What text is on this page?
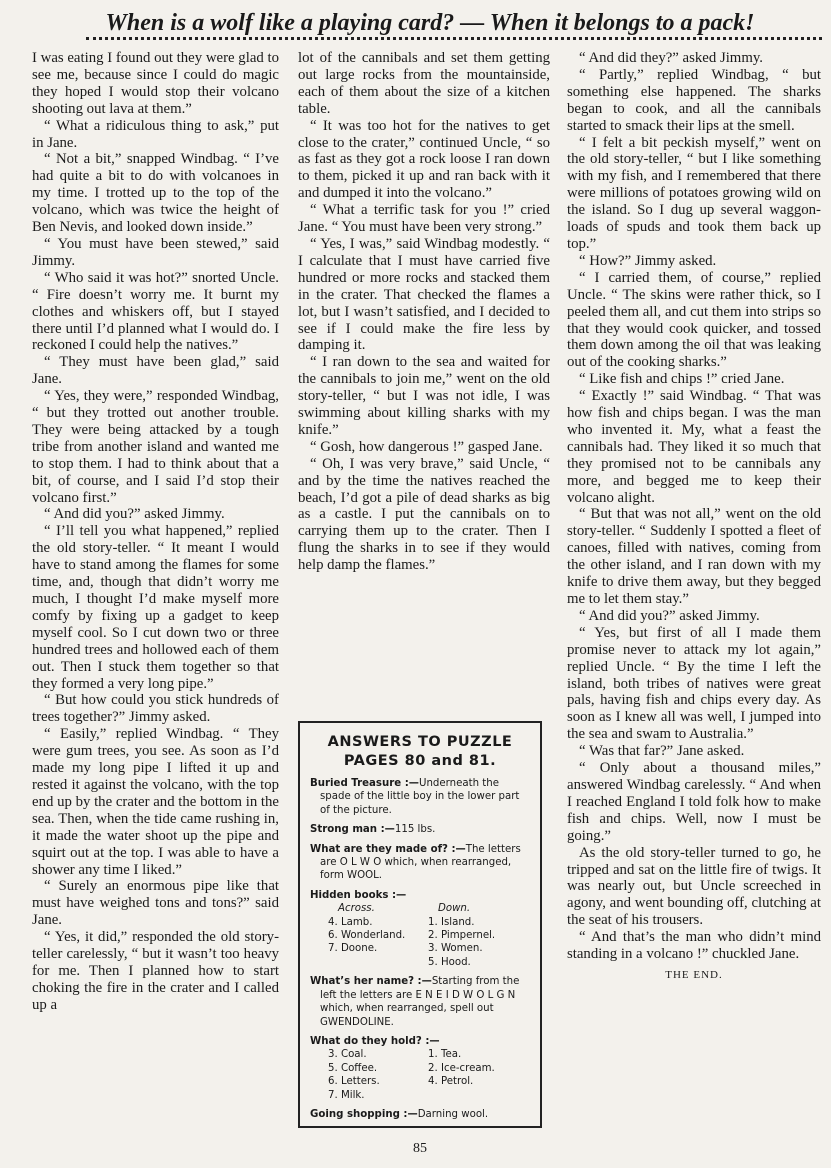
When is a wolf like a playing card? — When it belongs to a pack!

I was eating I found out they were glad to see me, because since I could do magic they hoped I would stop their volcano shooting out lava at them.”

“ What a ridiculous thing to ask,” put in Jane.

“ Not a bit,” snapped Windbag. “ I’ve had quite a bit to do with volcanoes in my time. I trotted up to the top of the volcano, which was twice the height of Ben Nevis, and looked down inside.”

“ You must have been stewed,” said Jimmy.

“ Who said it was hot?” snorted Uncle. “ Fire doesn’t worry me. It burnt my clothes and whiskers off, but I stayed there until I’d planned what I would do. I reckoned I could help the natives.”

“ They must have been glad,” said Jane.

“ Yes, they were,” responded Windbag, “ but they trotted out another trouble. They were being attacked by a tough tribe from another island and wanted me to stop them. I had to think about that a bit, of course, and I said I’d stop their volcano first.”

“ And did you?” asked Jimmy.

“ I’ll tell you what happened,” replied the old story-teller. “ It meant I would have to stand among the flames for some time, and, though that didn’t worry me much, I thought I’d make myself more comfy by fixing up a gadget to keep myself cool. So I cut down two or three hundred trees and hollowed each of them out. Then I stuck them together so that they formed a very long pipe.”

“ But how could you stick hundreds of trees together?” Jimmy asked.

“ Easily,” replied Windbag. “ They were gum trees, you see. As soon as I’d made my long pipe I lifted it up and rested it against the volcano, with the top end up by the crater and the bottom in the sea. Then, when the tide came rushing in, it made the water shoot up the pipe and squirt out at the top. I was able to have a shower any time I liked.”

“ Surely an enormous pipe like that must have weighed tons and tons?” said Jane.

“ Yes, it did,” responded the old story-teller carelessly, “ but it wasn’t too heavy for me. Then I planned how to start choking the fire in the crater and I called up a

lot of the cannibals and set them getting out large rocks from the mountainside, each of them about the size of a kitchen table.

“ It was too hot for the natives to get close to the crater,” continued Uncle, “ so as fast as they got a rock loose I ran down to them, picked it up and ran back with it and dumped it into the volcano.”

“ What a terrific task for you !” cried Jane. “ You must have been very strong.”

“ Yes, I was,” said Windbag modestly. “ I calculate that I must have carried five hundred or more rocks and stacked them in the crater. That checked the flames a lot, but I wasn’t satisfied, and I decided to see if I could make the fire less by damping it.

“ I ran down to the sea and waited for the cannibals to join me,” went on the old story-teller, “ but I was not idle, I was swimming about killing sharks with my knife.”

“ Gosh, how dangerous !” gasped Jane.

“ Oh, I was very brave,” said Uncle, “ and by the time the natives reached the beach, I’d got a pile of dead sharks as big as a castle. I put the cannibals on to carrying them up to the crater. Then I flung the sharks in to see if they would help damp the flames.”

“ And did they?” asked Jimmy.

“ Partly,” replied Windbag, “ but something else happened. The sharks began to cook, and all the cannibals started to smack their lips at the smell.

“ I felt a bit peckish myself,” went on the old story-teller, “ but I like something with my fish, and I remembered that there were millions of potatoes growing wild on the island. So I dug up several waggon-loads of spuds and took them back up top.”

“ How?” Jimmy asked.

“ I carried them, of course,” replied Uncle. “ The skins were rather thick, so I peeled them all, and cut them into strips so that they would cook quicker, and tossed them down among the oil that was leaking out of the cooking sharks.”

“ Like fish and chips !” cried Jane.

“ Exactly !” said Windbag. “ That was how fish and chips began. I was the man who invented it. My, what a feast the cannibals had. They liked it so much that they promised not to be cannibals any more, and begged me to keep their volcano alight.

“ But that was not all,” went on the old story-teller. “ Suddenly I spotted a fleet of canoes, filled with natives, coming from the other island, and I ran down with my knife to drive them away, but they begged me to let them stay.”

“ And did you?” asked Jimmy.

“ Yes, but first of all I made them promise never to attack my lot again,” replied Uncle. “ By the time I left the island, both tribes of natives were great pals, having fish and chips every day. As soon as I knew all was well, I jumped into the sea and swam to Australia.”

“ Was that far?” Jane asked.

“ Only about a thousand miles,” answered Windbag carelessly. “ And when I reached England I told folk how to make fish and chips. Well, now I must be going.”

As the old story-teller turned to go, he tripped and sat on the little fire of twigs. It was nearly out, but Uncle screeched in agony, and went bounding off, clutching at the seat of his trousers.

“ And that’s the man who didn’t mind standing in a volcano !” chuckled Jane.

THE END.
ANSWERS TO PUZZLE
PAGES 80 and 81.
Buried Treasure :—Underneath the spade of the little boy in the lower part of the picture.
Strong man :—115 lbs.
What are they made of? :—The letters are O L W O which, when rearranged, form WOOL.
Hidden books :—
Across.
4. Lamb.
6. Wonderland.
7. Doone.
Down.
1. Island.
2. Pimpernel.
3. Women.
5. Hood.
What’s her name? :—Starting from the left the letters are E N E I D W O L G N which, when rearranged, spell out GWENDOLINE.
What do they hold? :—
3. Coal.
5. Coffee.
6. Letters.
7. Milk.
1. Tea.
2. Ice-cream.
4. Petrol.
Going shopping :—Darning wool.
85
